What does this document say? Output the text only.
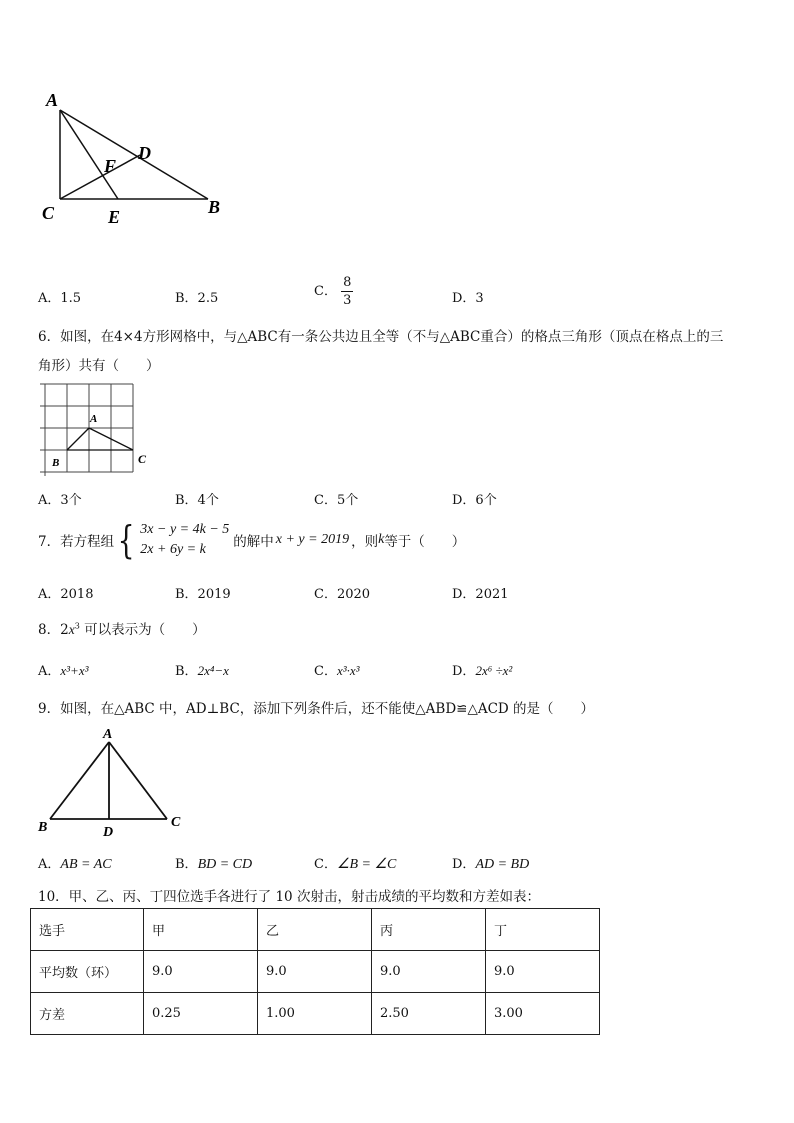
A
D
F
C	E	B
A．1.5	B．2.5	C． $\frac{8}{3}$	D．3
6．如图，在4×4方形网格中，与△ABC有一条公共边且全等（不与△ABC重合）的格点三角形（顶点在格点上的三
角形）共有（　　）
A
B	C
A．3个	B．4个	C．5个	D．6个
7．若方程组 { 3x − y = 4k − 5
2x + 6y = k	的解中 x + y = 2019 ，则 k 等于（　　）
A．2018	B．2019	C．2020	D．2021
8．$2x^3$ 可以表示为（　　）
A．x³+x³	B．2x⁴−x	C．x³·x³	D．2x⁶ ÷x²
9．如图，在△ABC 中，AD⊥BC，添加下列条件后，还不能使△ABD≌△ACD 的是（　　）
A
B	D
C
A．AB = AC	B．BD = CD	C．∠B = ∠C	D．AD = BD
10．甲、乙、丙、丁四位选手各进行了 10 次射击，射击成绩的平均数和方差如表：
选手	甲	乙	丙	丁
平均数（环）	9.0	9.0	9.0	9.0
方差	0.25	1.00	2.50	3.00
